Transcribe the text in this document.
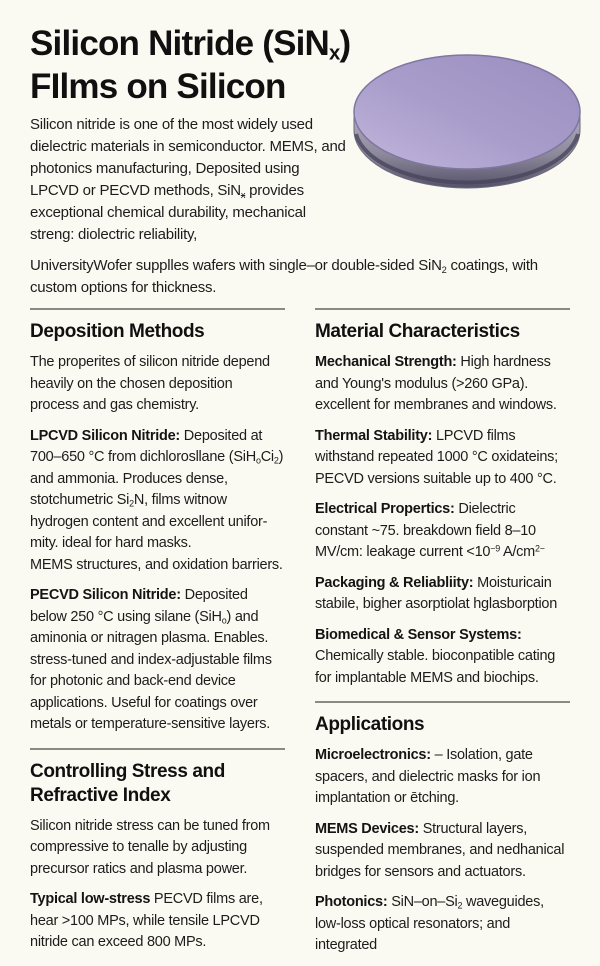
Silicon Nitride (SiN$_x$)
FIlms on Silicon

Silicon nitride is one of the most widely used dielectric materials in semiconductor. MEMS, and photonics manufacturing, Deposited using LPCVD or PECVD methods, SiN$_x$ provides exceptional chemical durability, mechanical streng: diolectric reliability,

UniversityWofer supplles wafers with single–or double-sided SiN$_2$ coatings, with custom options for thickness.

Deposition Methods

The properites of silicon nitride depend heavily on the chosen deposition process and gas chemistry.

LPCVD Silicon Nitride: Deposited at 700–650 °C from dichlorosllane $(SiH_oCi_2)$ and ammonia. Produces dense, stotchumetric $Si_2N$, films witnow hydrogen content and excellent unifor-mity. ideal for hard masks.
MEMS structures, and oxidation barriers.

PECVD Silicon Nitride: Deposited below 250 °C using silane (SiH$_o$) and aminonia or nitragen plasma. Enables. stress-tuned and index-adjustable films for photonic and back-end device applications. Useful for coatings over metals or temperature-sensitive layers.

Controlling Stress and Refractive Index

Silicon nitride stress can be tuned from compressive to tenalle by adjusting precursor ratics and plasma power.

Typical low-stress PECVD films are, hear >100 MPs, while tensile LPCVD nitride can exceed 800 MPs.

Material Characteristics

Mechanical Strength: High hardness and Young's modulus (>260 GPa). excellent for membranes and windows.

Thermal Stability: LPCVD films withstand repeated 1000 °C oxidateins; PECVD versions suitable up to 400 °C.

Electrical Propertics: Dielectric constant ~75. breakdown field 8–10 MV/cm: leakage current $<10^{-9}$ $A/cm^{2-}$

Packaging & Reliabliity: Moisturicain stabile, bigher asorptiolat hglasborption

Biomedical & Sensor Systems: Chemically stable. bioconpatible cating for implantable MEMS and biochips.

Applications

Microelectronics: – Isolation, gate spacers, and dielectric masks for ion implantation or ētching.

MEMS Devices: Structural layers, suspended membranes, and nedhanical bridges for sensors and actuators.

Photonics: SiN–$on-Si_2$ waveguides, low-loss optical resonators; and integrated
